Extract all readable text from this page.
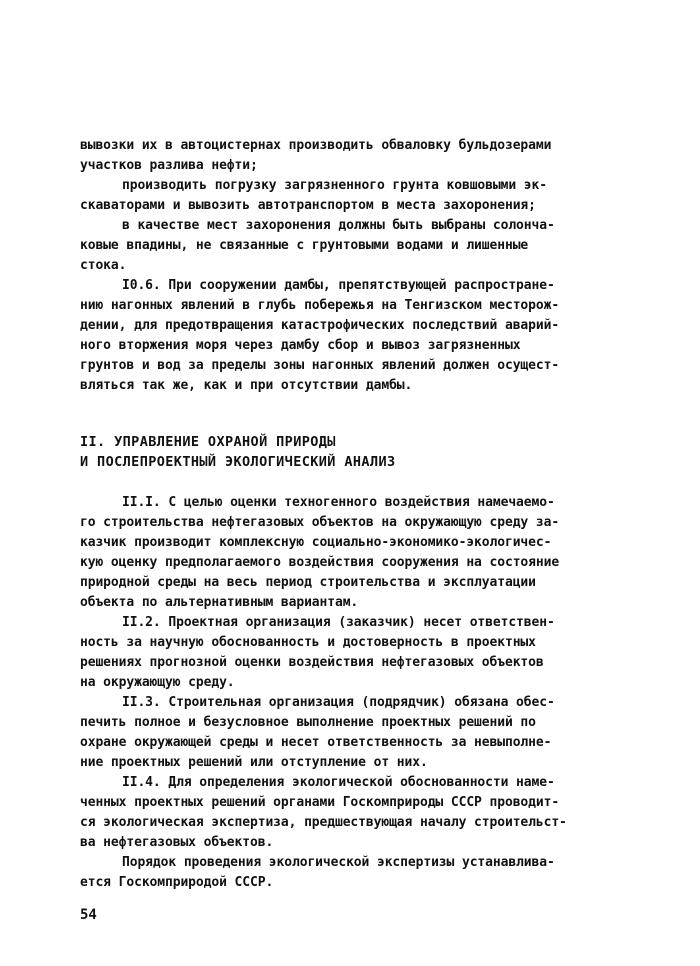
вывозки их в автоцистернах производить обваловку бульдозерами
участков разлива нефти;
производить погрузку загрязненного грунта ковшовыми эк-
скаваторами и вывозить автотранспортом в места захоронения;
в качестве мест захоронения должны быть выбраны солонча-
ковые впадины, не связанные с грунтовыми водами и лишенные
стока.
I0.6. При сооружении дамбы, препятствующей распростране-
нию нагонных явлений в глубь побережья на Тенгизском месторож-
дении, для предотвращения катастрофических последствий аварий-
ного вторжения моря через дамбу сбор и вывоз загрязненных
грунтов и вод за пределы зоны нагонных явлений должен осущест-
вляться так же, как и при отсутствии дамбы.
II. УПРАВЛЕНИЕ ОХРАНОЙ ПРИРОДЫ
И ПОСЛЕПРОЕКТНЫЙ ЭКОЛОГИЧЕСКИЙ АНАЛИЗ
II.I. С целью оценки техногенного воздействия намечаемо-
го строительства нефтегазовых объектов на окружающую среду за-
казчик производит комплексную социально-экономико-экологичес-
кую оценку предполагаемого воздействия сооружения на состояние
природной среды на весь период строительства и эксплуатации
объекта по альтернативным вариантам.
II.2. Проектная организация (заказчик) несет ответствен-
ность за научную обоснованность и достоверность в проектных
решениях прогнозной оценки воздействия нефтегазовых объектов
на окружающую среду.
II.3. Строительная организация (подрядчик) обязана обес-
печить полное и безусловное выполнение проектных решений по
охране окружающей среды и несет ответственность за невыполне-
ние проектных решений или отступление от них.
II.4. Для определения экологической обоснованности наме-
ченных проектных решений органами Госкомприроды СССР проводит-
ся экологическая экспертиза, предшествующая началу строительст-
ва нефтегазовых объектов.
Порядок проведения экологической экспертизы устанавлива-
ется Госкомприродой СССР.
54
